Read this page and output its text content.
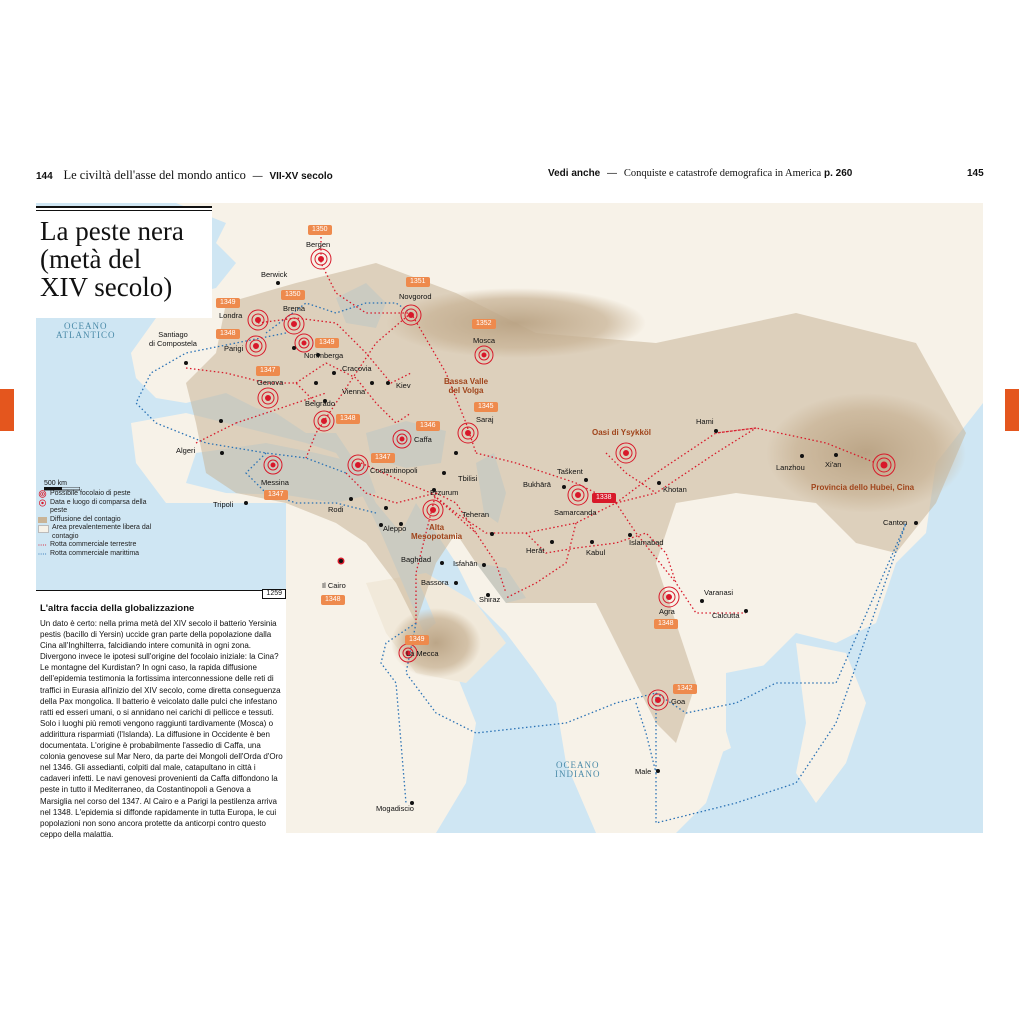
144 Le civiltà dell'asse del mondo antico — VII-XV secolo	Vedi anche — Conquiste e catastrofe demografica in America p. 260	145
OCEANO
ATLANTICO
OCEANO
INDIANO
Bassa Valle
del Volga
Oasi di Ysykköl
Alta
Mesopotamia
Provincia dello Hubei, Cina
Bergen
Berwick
Brema
Londra
Parigi
Santiago
di Compostela
Norimberga
Genova
Cracovia
Vienna
Kiev
Novgorod
Mosca
Belgrado
Saraj
Caffa
Costantinopoli
Algeri
Messina
Tripoli
Rodi
Aleppo
Tbilisi
Erzurum
Teheran
Baghdad	Isfahān
Bassora
Shiraz
Il Cairo
La Mecca
Bukhārā
Taškent
Samarcanda
Herāt	Kabul
Islamabad
Khotan
Hami
Lanzhou	Xi'an
Canton
Agra
Varanasi
Calcutta
Goa
Male
Mogadiscio
1350
1351
1352
1350
1349
1348
1349
1347
1348
1345
1346
1347
1347
1348
1349
1338
1348
1342
La peste nera
(metà del
XIV secolo)
500 km
Possibile focolaio di peste
Data e luogo di comparsa della peste
Diffusione del contagio
Area prevalentemente libera dal contagio
Rotta commerciale terrestre
Rotta commerciale marittima
1259
L'altra faccia della globalizzazione

Un dato è certo: nella prima metà del XIV secolo il batterio Yersinia pestis (bacillo di Yersin) uccide gran parte della popolazione dalla Cina all'Inghilterra, falcidiando intere comunità in ogni zona. Divergono invece le ipotesi sull'origine del focolaio iniziale: la Cina? Le montagne del Kurdistan? In ogni caso, la rapida diffusione dell'epidemia testimonia la fortissima interconnessione delle reti di traffici in Eurasia all'inizio del XIV secolo, come diretta conseguenza della Pax mongolica. Il batterio è veicolato dalle pulci che infestano ratti ed esseri umani, o si annidano nei carichi di pellicce e tessuti. Solo i luoghi più remoti vengono raggiunti tardivamente (Mosca) o addirittura risparmiati (l'Islanda). La diffusione in Occidente è ben documentata. L'origine è probabilmente l'assedio di Caffa, una colonia genovese sul Mar Nero, da parte dei Mongoli dell'Orda d'Oro nel 1346. Gli assedianti, colpiti dal male, catapultano in città i cadaveri infetti. Le navi genovesi provenienti da Caffa diffondono la peste in tutto il Mediterraneo, da Costantinopoli a Genova a Marsiglia nel corso del 1347. Al Cairo e a Parigi la pestilenza arriva nel 1348. L'epidemia si diffonde rapidamente in tutta Europa, le cui popolazioni non sono ancora protette da anticorpi contro questo ceppo della malattia.
